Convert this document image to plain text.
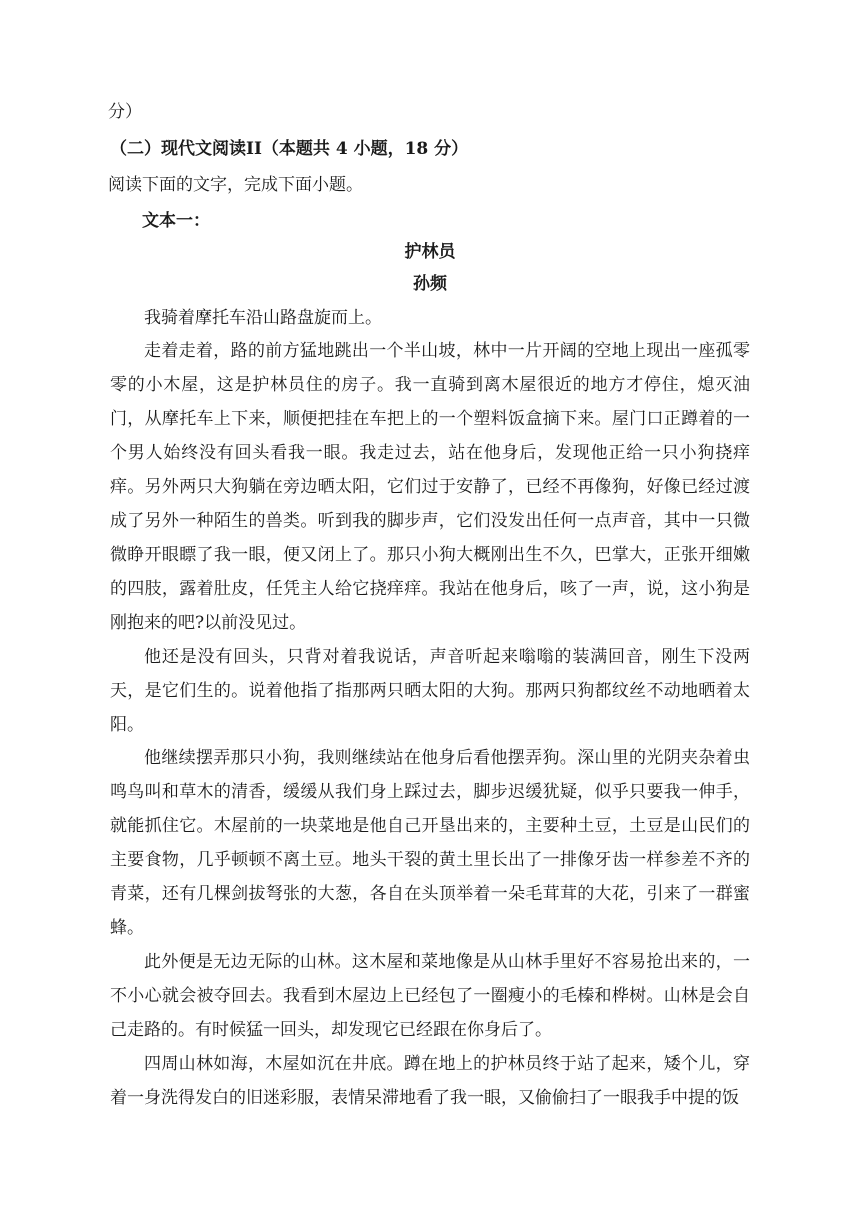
分）
（二）现代文阅读II（本题共 4 小题，18 分）
阅读下面的文字，完成下面小题。
文本一：
护林员
孙频

我骑着摩托车沿山路盘旋而上。

走着走着，路的前方猛地跳出一个半山坡，林中一片开阔的空地上现出一座孤零零的小木屋，这是护林员住的房子。我一直骑到离木屋很近的地方才停住，熄灭油门，从摩托车上下来，顺便把挂在车把上的一个塑料饭盒摘下来。屋门口正蹲着的一个男人始终没有回头看我一眼。我走过去，站在他身后，发现他正给一只小狗挠痒痒。另外两只大狗躺在旁边晒太阳，它们过于安静了，已经不再像狗，好像已经过渡成了另外一种陌生的兽类。听到我的脚步声，它们没发出任何一点声音，其中一只微微睁开眼瞟了我一眼，便又闭上了。那只小狗大概刚出生不久，巴掌大，正张开细嫩的四肢，露着肚皮，任凭主人给它挠痒痒。我站在他身后，咳了一声，说，这小狗是刚抱来的吧?以前没见过。

他还是没有回头，只背对着我说话，声音听起来嗡嗡的装满回音，刚生下没两天，是它们生的。说着他指了指那两只晒太阳的大狗。那两只狗都纹丝不动地晒着太阳。

他继续摆弄那只小狗，我则继续站在他身后看他摆弄狗。深山里的光阴夹杂着虫鸣鸟叫和草木的清香，缓缓从我们身上踩过去，脚步迟缓犹疑，似乎只要我一伸手，就能抓住它。木屋前的一块菜地是他自己开垦出来的，主要种土豆，土豆是山民们的主要食物，几乎顿顿不离土豆。地头干裂的黄土里长出了一排像牙齿一样参差不齐的青菜，还有几棵剑拔弩张的大葱，各自在头顶举着一朵毛茸茸的大花，引来了一群蜜蜂。

此外便是无边无际的山林。这木屋和菜地像是从山林手里好不容易抢出来的，一不小心就会被夺回去。我看到木屋边上已经包了一圈瘦小的毛榛和桦树。山林是会自己走路的。有时候猛一回头，却发现它已经跟在你身后了。

四周山林如海，木屋如沉在井底。蹲在地上的护林员终于站了起来，矮个儿，穿着一身洗得发白的旧迷彩服，表情呆滞地看了我一眼，又偷偷扫了一眼我手中提的饭
